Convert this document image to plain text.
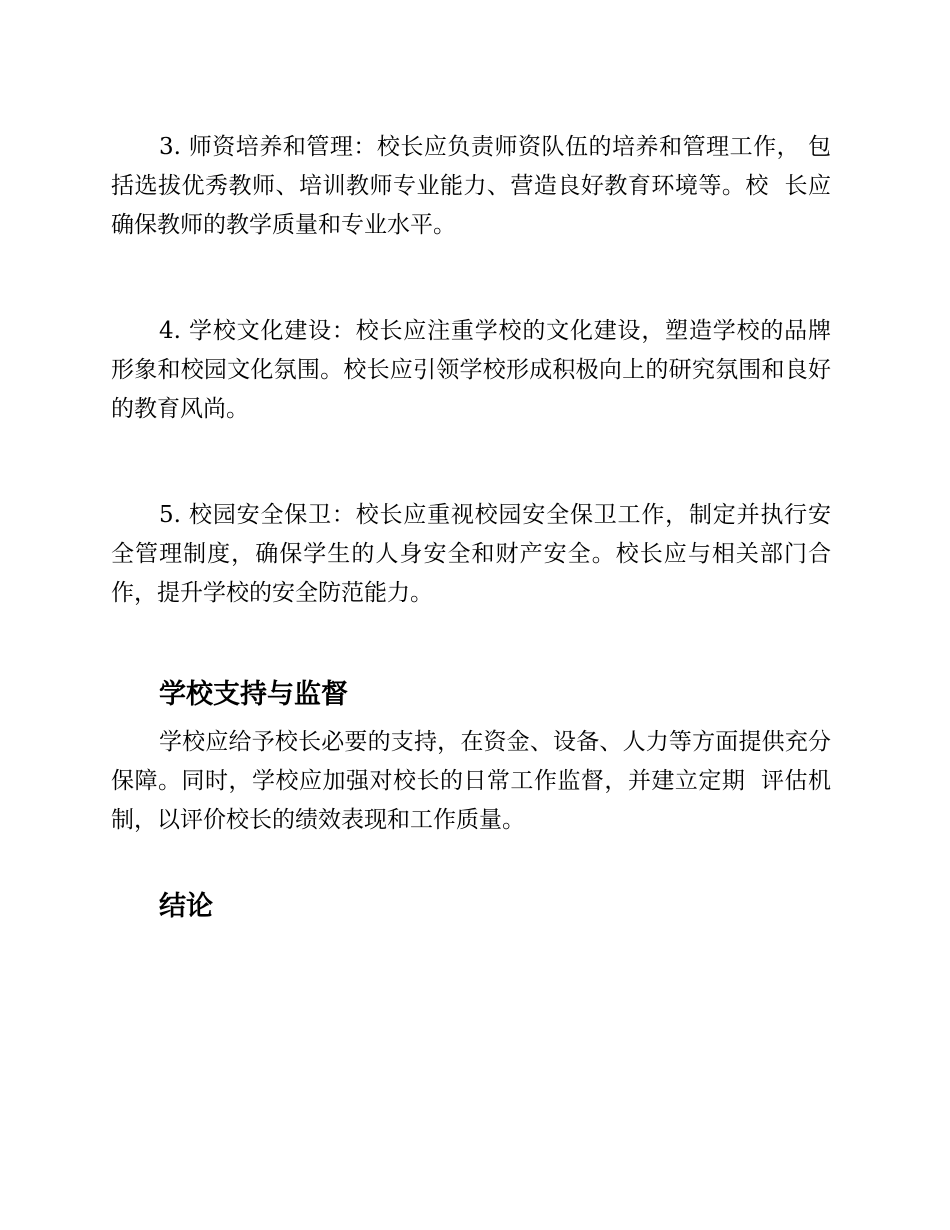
3. 师资培养和管理：校长应负责师资队伍的培养和管理工作， 包括选拔优秀教师、培训教师专业能力、营造良好教育环境等。校  长应确保教师的教学质量和专业水平。

4. 学校文化建设：校长应注重学校的文化建设，塑造学校的品牌形象和校园文化氛围。校长应引领学校形成积极向上的研究氛围和良好的教育风尚。

5. 校园安全保卫：校长应重视校园安全保卫工作，制定并执行安全管理制度，确保学生的人身安全和财产安全。校长应与相关部门合作，提升学校的安全防范能力。

学校支持与监督

学校应给予校长必要的支持，在资金、设备、人力等方面提供充分保障。同时，学校应加强对校长的日常工作监督，并建立定期  评估机制，以评价校长的绩效表现和工作质量。

结论
